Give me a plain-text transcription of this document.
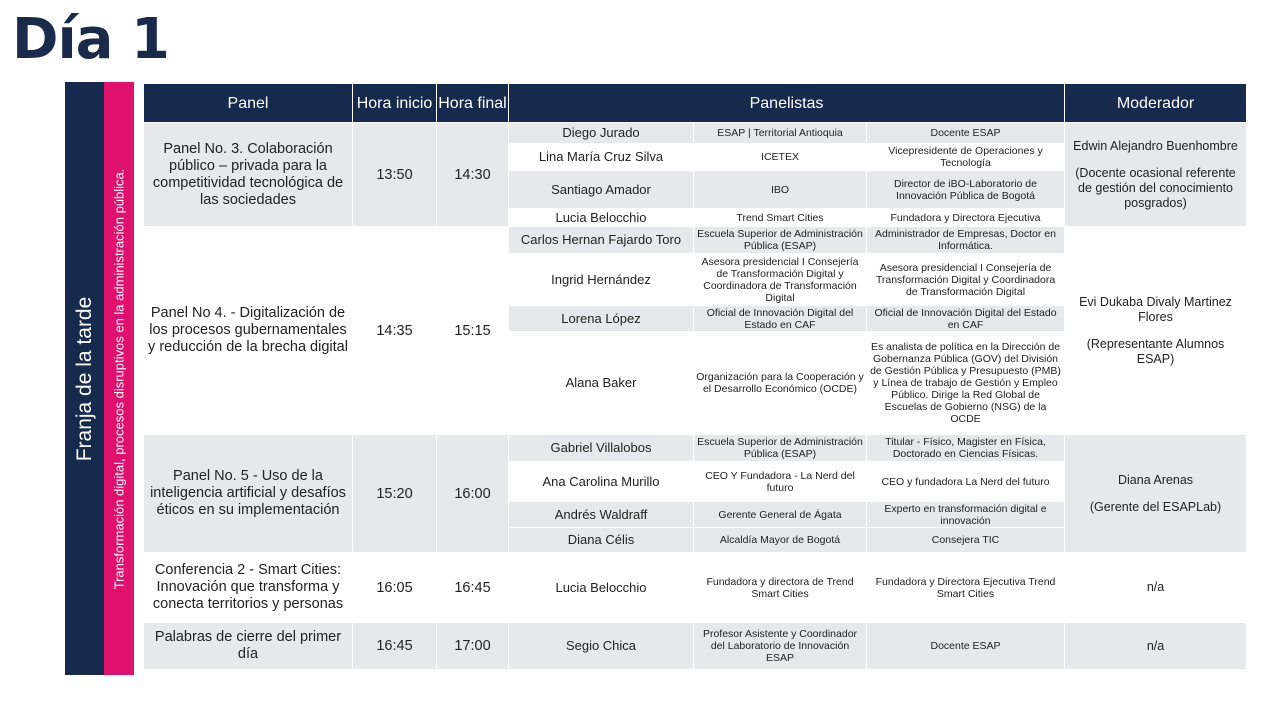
Día 1
Franja de la tarde Transformación digital, procesos disruptivos en la administración pública.
Panel	Hora inicio	Hora final	Panelistas			Moderador
Panel No. 3. Colaboración público – privada para la competitividad tecnológica de las sociedades	13:50	14:30	Diego Jurado	ESAP | Territorial Antioquia	Docente ESAP	Edwin Alejandro Buenhombre
(Docente ocasional referente de gestión del conocimiento posgrados)

			Lina María Cruz Silva	ICETEX	Vicepresidente de Operaciones y Tecnología	
			Santiago Amador	IBO	Director de iBO-Laboratorio de Innovación Pública de Bogotá	
			Lucia Belocchio	Trend Smart Cities	Fundadora y Directora Ejecutiva	
Panel No 4. - Digitalización de los procesos gubernamentales y reducción de la brecha digital	14:35	15:15	Carlos Hernan Fajardo Toro	Escuela Superior de Administración Pública (ESAP)	Administrador de Empresas, Doctor en Informática.	Evi Dukaba Divaly Martinez Flores
(Representante Alumnos ESAP)

			Ingrid Hernández	Asesora presidencial I Consejería de Transformación Digital y Coordinadora de Transformación Digital	Asesora presidencial I Consejería de Transformación Digital y Coordinadora de Transformación Digital	
			Lorena López	Oficial de Innovación Digital del Estado en CAF	Oficial de Innovación Digital del Estado en CAF	
			Alana Baker	Organización para la Cooperación y el Desarrollo Económico (OCDE)	Es analista de política en la Dirección de Gobernanza Pública (GOV) del División de Gestión Pública y Presupuesto (PMB) y Línea de trabajo de Gestión y Empleo Público. Dirige la Red Global de Escuelas de Gobierno (NSG) de la OCDE	
Panel No. 5 - Uso de la inteligencia artificial y desafíos éticos en su implementación	15:20	16:00	Gabriel Villalobos	Escuela Superior de Administración Pública (ESAP)	Titular - Físico, Magister en Física, Doctorado en Ciencias Físicas.	Diana Arenas
(Gerente del ESAPLab)

			Ana Carolina Murillo	CEO Y Fundadora - La Nerd del futuro	CEO y fundadora La Nerd del futuro	
			Andrés Waldraff	Gerente General de Ágata	Experto en transformación digital e innovación	
			Diana Célis	Alcaldía Mayor de Bogotá	Consejera TIC	
Conferencia 2 - Smart Cities: Innovación que transforma y conecta territorios y personas	16:05	16:45	Lucia Belocchio	Fundadora y directora de Trend Smart Cities	Fundadora y Directora Ejecutiva Trend Smart Cities	n/a

Palabras de cierre del primer día	16:45	17:00	Segio Chica	Profesor Asistente y Coordinador del Laboratorio de Innovación ESAP	Docente ESAP	n/a
